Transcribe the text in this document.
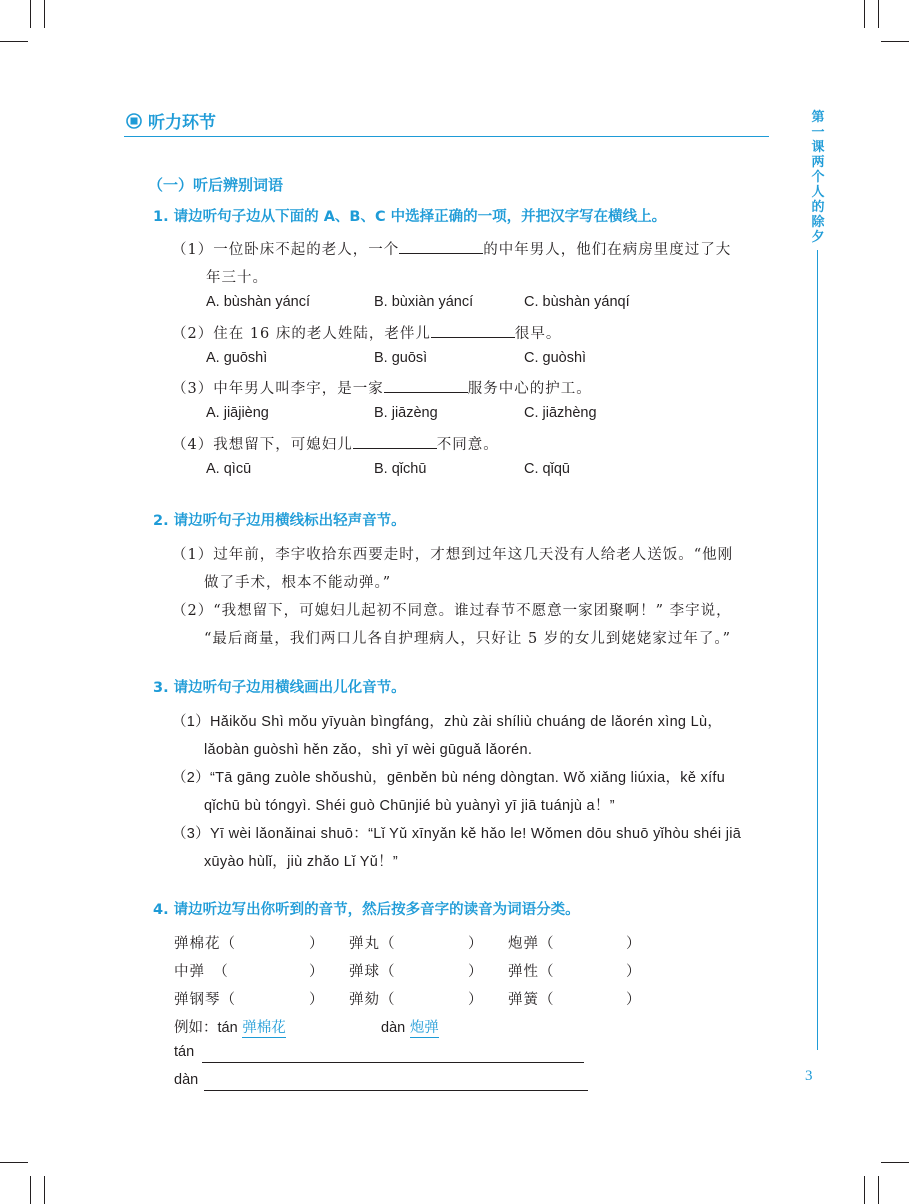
听力环节	第一课 两个人的除夕
3
（一）听后辨别词语
1. 请边听句子边从下面的 A、B、C 中选择正确的一项，并把汉字写在横线上。
（1）一位卧床不起的老人，一个	的中年男人，他们在病房里度过了大
年三十。
A. bùshàn yáncí	B. bùxiàn yáncí	C. bùshàn yánqí
（2）住在 16 床的老人姓陆，老伴儿	很早。
A. guōshì	B. guōsì	C. guòshì
（3）中年男人叫李宇，是一家	服务中心的护工。
A. jiājièng	B. jiāzèng	C. jiāzhèng
（4）我想留下，可媳妇儿	不同意。
A. qìcū	B. qǐchū	C. qǐqū
2. 请边听句子边用横线标出轻声音节。
（1）过年前，李宇收拾东西要走时，才想到过年这几天没有人给老人送饭。“他刚
做了手术，根本不能动弹。”
（2）“我想留下，可媳妇儿起初不同意。谁过春节不愿意一家团聚啊！” 李宇说，
“最后商量，我们两口儿各自护理病人，只好让 5 岁的女儿到姥姥家过年了。”
3. 请边听句子边用横线画出儿化音节。
（1）Hǎikǒu Shì mǒu yīyuàn bìngfáng，zhù zài shíliù chuáng de lǎorén xìng Lù，
lǎobàn guòshì hěn zǎo，shì yī wèi gūguǎ lǎorén.
（2）“Tā gāng zuòle shǒushù，gēnběn bù néng dòngtan. Wǒ xiǎng liúxia，kě xífu
qǐchū bù tóngyì. Shéi guò Chūnjié bù yuànyì yī jiā tuánjù a！”
（3）Yī wèi lǎonǎinai shuō：“Lǐ Yǔ xīnyǎn kě hǎo le! Wǒmen dōu shuō yǐhòu shéi jiā
xūyào hùlǐ，jiù zhǎo Lǐ Yǔ！”
4. 请边听边写出你听到的音节，然后按多音字的读音为词语分类。
弹棉花（	） 弹丸（	） 炮弹（	）
中弹　（	） 弹球（	） 弹性（	）
弹钢琴（	） 弹劾（	） 弹簧（	）
例如：tán 弹棉花	dàn 炮弹
tán
dàn
